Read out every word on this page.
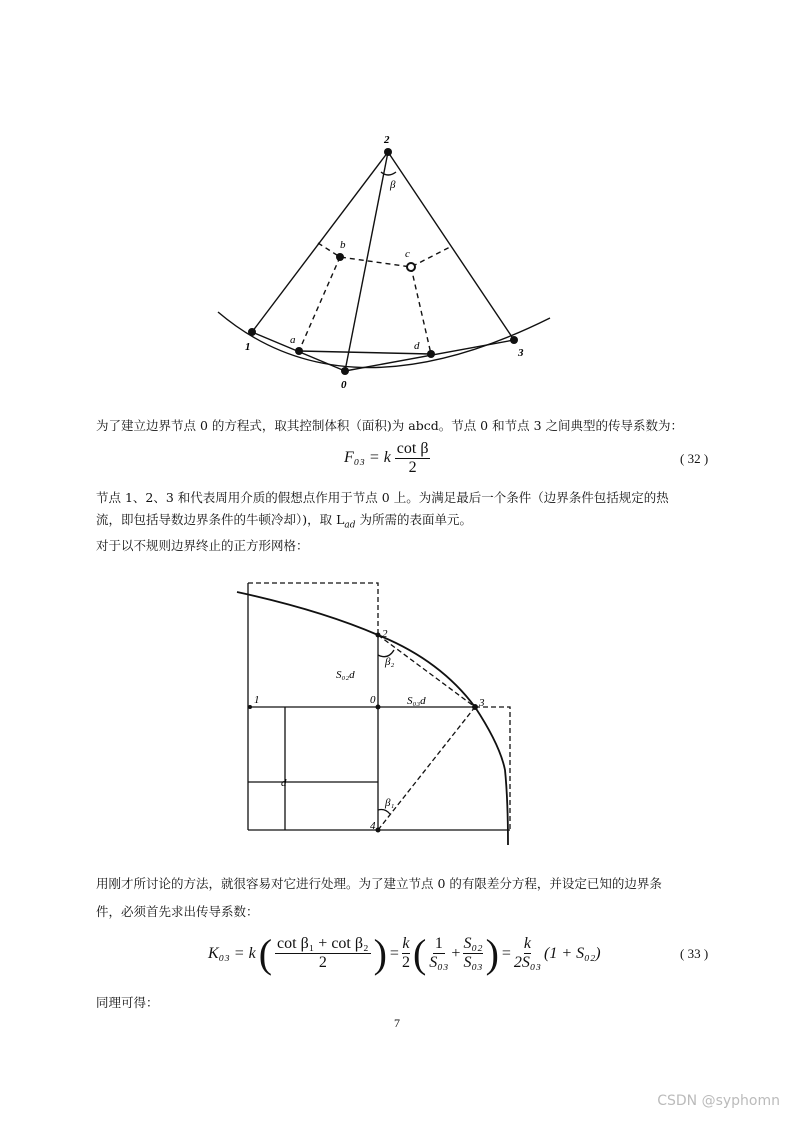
2
1	3
0
a	d
b
c
β
2
1	0	3
4
S₀₂d
S₀₃d
β₂
β₁
d
为了建立边界节点 0 的方程式，取其控制体积（面积)为 abcd。节点 0 和节点 3 之间典型的传导系数为：
F₀₃ = k $\frac{\text{cot β}}{2}$	( 32 )
节点 1、2、3 和代表周用介质的假想点作用于节点 0 上。为满足最后一个条件（边界条件包括规定的热
流，即包括导数边界条件的牛顿冷却）)，取 $L_{ad}$ 为所需的表面单元。
对于以不规则边界终止的正方形网格：
用刚才所讨论的方法，就很容易对它进行处理。为了建立节点 0 的有限差分方程，并设定已知的边界条
件，必须首先求出传导系数：
K₀₃ = k ( $\frac{\text{cot β₁ + cot β₂}}{2}$ ) = $\frac{k}{2}$ ( $\frac{1}{\text{S₀₃}} + \frac{\text{S₀₂}}{\text{S₀₃}}$ ) = $\frac{k}{\text{2S₀₃}} (1 + S_{02})$	( 33 )
同理可得：
7
CSDN @syphomn
